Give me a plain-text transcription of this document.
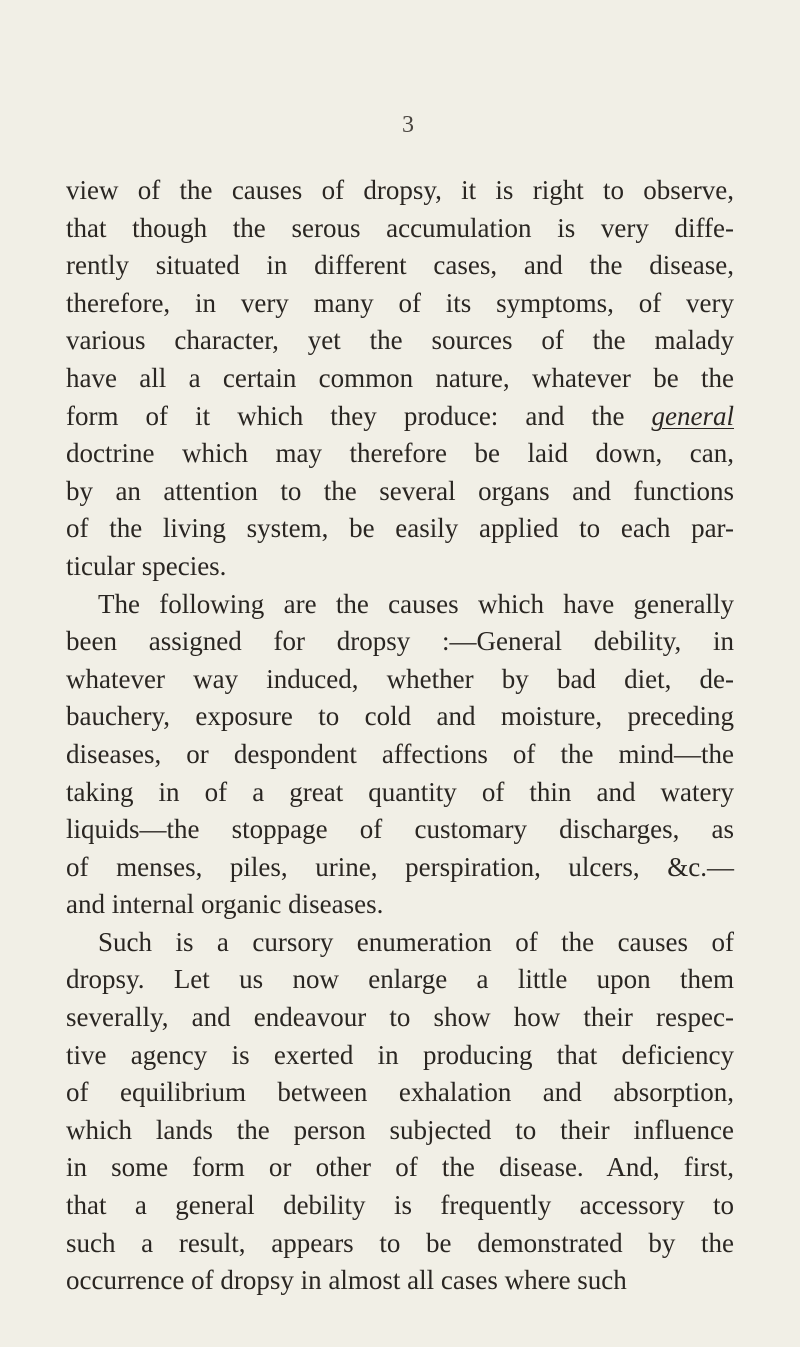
3
view of the causes of dropsy, it is right to observe,
that though the serous accumulation is very diffe-
rently situated in different cases, and the disease,
therefore, in very many of its symptoms, of very
various character, yet the sources of the malady
have all a certain common nature, whatever be the
form of it which they produce: and the general
doctrine which may therefore be laid down, can,
by an attention to the several organs and functions
of the living system, be easily applied to each par-
ticular species.
The following are the causes which have generally
been assigned for dropsy :—General debility, in
whatever way induced, whether by bad diet, de-
bauchery, exposure to cold and moisture, preceding
diseases, or despondent affections of the mind—the
taking in of a great quantity of thin and watery
liquids—the stoppage of customary discharges, as
of menses, piles, urine, perspiration, ulcers, &c.—
and internal organic diseases.
Such is a cursory enumeration of the causes of
dropsy. Let us now enlarge a little upon them
severally, and endeavour to show how their respec-
tive agency is exerted in producing that deficiency
of equilibrium between exhalation and absorption,
which lands the person subjected to their influence
in some form or other of the disease. And, first,
that a general debility is frequently accessory to
such a result, appears to be demonstrated by the
occurrence of dropsy in almost all cases where such
